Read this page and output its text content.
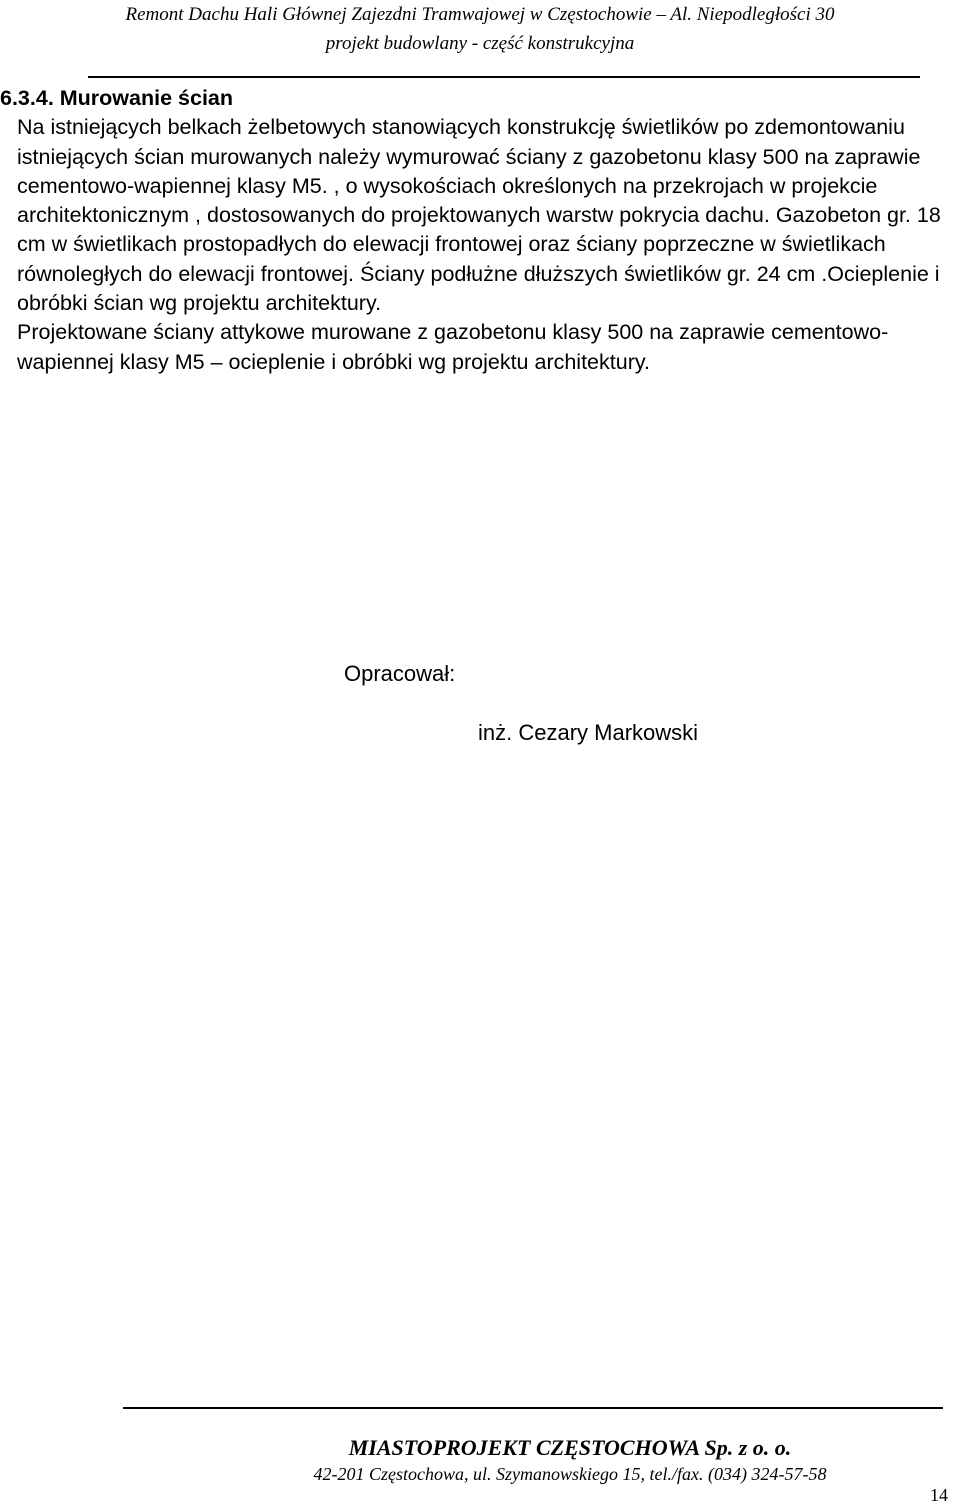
Remont Dachu Hali Głównej Zajezdni Tramwajowej w Częstochowie – Al. Niepodległości 30
projekt budowlany - część konstrukcyjna
6.3.4. Murowanie ścian

Na istniejących belkach żelbetowych stanowiących konstrukcję świetlików po zdemontowaniu istniejących ścian murowanych należy wymurować ściany z gazobetonu klasy 500 na zaprawie cementowo-wapiennej klasy M5. , o wysokościach określonych na przekrojach w projekcie architektonicznym , dostosowanych do projektowanych warstw pokrycia dachu. Gazobeton gr. 18 cm w świetlikach prostopadłych do elewacji frontowej oraz ściany poprzeczne w świetlikach równoległych do elewacji frontowej. Ściany podłużne dłuższych świetlików gr. 24 cm .Ocieplenie i obróbki ścian wg projektu architektury.

Projektowane ściany attykowe murowane z gazobetonu klasy 500 na zaprawie cementowo-wapiennej klasy M5 – ocieplenie i obróbki wg projektu architektury.

Opracował:
inż. Cezary Markowski
MIASTOPROJEKT CZĘSTOCHOWA Sp. z o. o.
42-201 Częstochowa, ul. Szymanowskiego 15, tel./fax. (034) 324-57-58
14
